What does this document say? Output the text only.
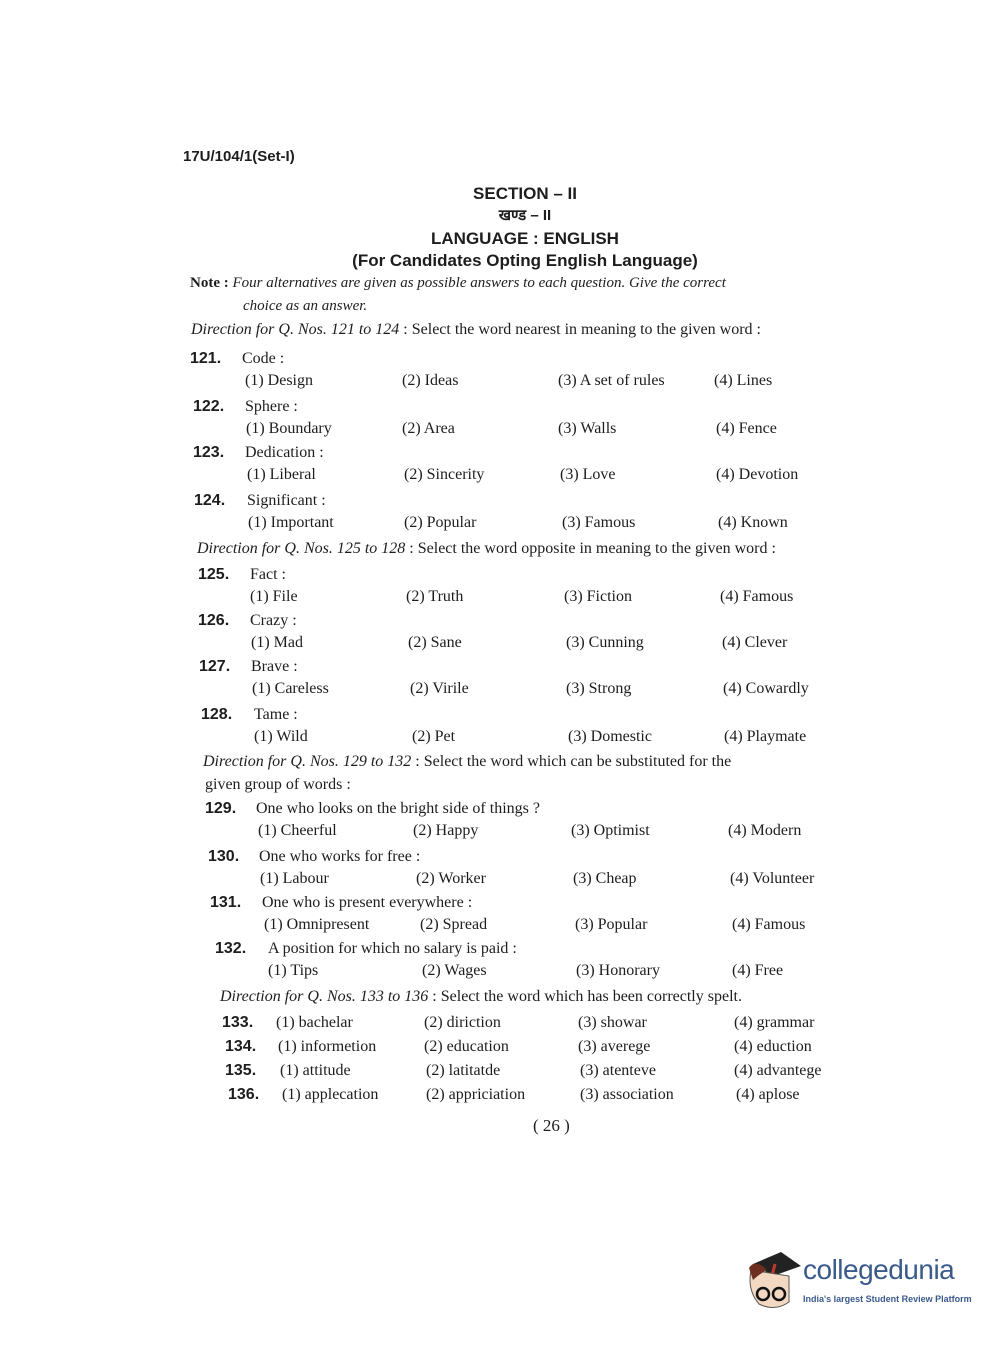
17U/104/1(Set-I)
SECTION – II
खण्ड – II
LANGUAGE : ENGLISH
(For Candidates Opting English Language)
Note : Four alternatives are given as possible answers to each question. Give the correct
choice as an answer.
Direction for Q. Nos. 121 to 124 : Select the word nearest in meaning to the given word :
Direction for Q. Nos. 125 to 128 : Select the word opposite in meaning to the given word :
Direction for Q. Nos. 129 to 132 : Select the word which can be substituted for the
given group of words :
Direction for Q. Nos. 133 to 136 : Select the word which has been correctly spelt.
121. Code :
(1) Design	(2) Ideas	(3) A set of rules	(4) Lines
122. Sphere :
(1) Boundary	(2) Area	(3) Walls	(4) Fence
123. Dedication :
(1) Liberal	(2) Sincerity	(3) Love	(4) Devotion
124. Significant :
(1) Important	(2) Popular	(3) Famous	(4) Known
125. Fact :
(1) File	(2) Truth	(3) Fiction	(4) Famous
126. Crazy :
(1) Mad	(2) Sane	(3) Cunning	(4) Clever
127. Brave :
(1) Careless	(2) Virile	(3) Strong	(4) Cowardly
128. Tame :
(1) Wild	(2) Pet	(3) Domestic	(4) Playmate
129. One who looks on the bright side of things ?
(1) Cheerful	(2) Happy	(3) Optimist	(4) Modern
130. One who works for free :
(1) Labour	(2) Worker	(3) Cheap	(4) Volunteer
131. One who is present everywhere :
(1) Omnipresent	(2) Spread	(3) Popular	(4) Famous
132. A position for which no salary is paid :
(1) Tips	(2) Wages	(3) Honorary	(4) Free
133. (1) bachelar	(2) diriction	(3) showar	(4) grammar
134. (1) informetion	(2) education	(3) averege	(4) eduction
135. (1) attitude	(2) latitatde	(3) atenteve	(4) advantege
136. (1) applecation	(2) appriciation	(3) association	(4) aplose
( 26 )
collegedunia
India's largest Student Review Platform
